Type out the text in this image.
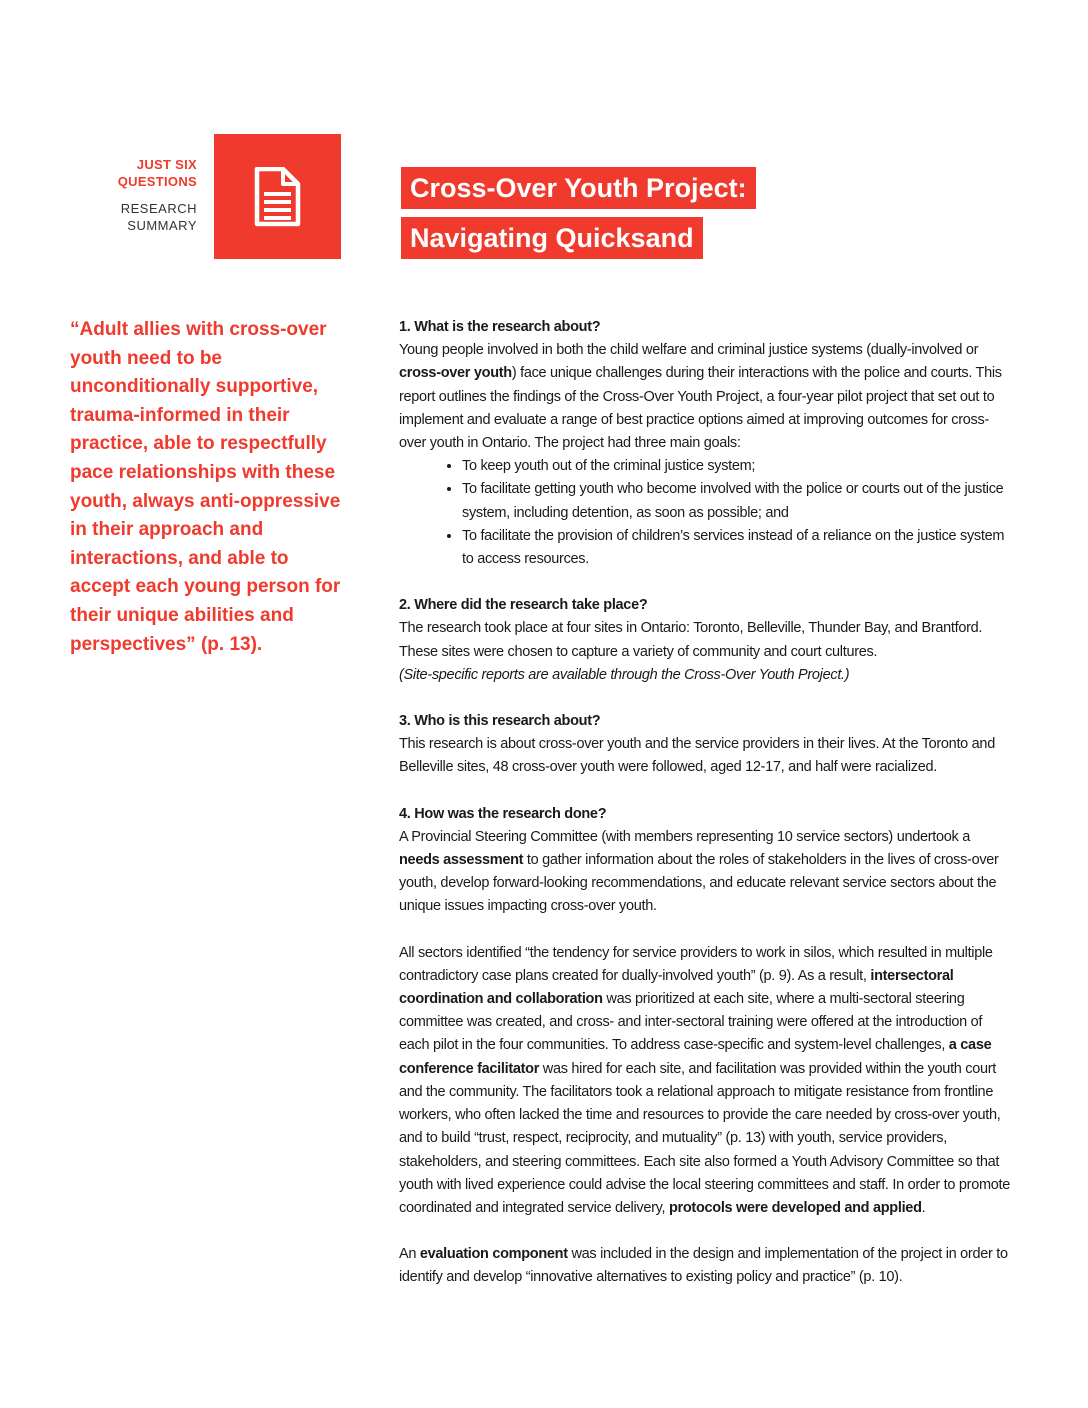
JUST SIX
QUESTIONS
RESEARCH
SUMMARY
Cross-Over Youth Project:
Navigating Quicksand
“Adult allies with cross-over youth need to be unconditionally supportive, trauma-informed in their practice, able to respectfully pace relationships with these youth, always anti-oppressive in their approach and interactions, and able to accept each young person for their unique abilities and perspectives” (p. 13).
1. What is the research about?

Young people involved in both the child welfare and criminal justice systems (dually-involved or cross-over youth) face unique challenges during their interactions with the police and courts. This report outlines the findings of the Cross-Over Youth Project, a four-year pilot project that set out to implement and evaluate a range of best practice options aimed at improving outcomes for cross-over youth in Ontario. The project had three main goals:

• To keep youth out of the criminal justice system;
• To facilitate getting youth who become involved with the police or courts out of the justice system, including detention, as soon as possible; and
• To facilitate the provision of children’s services instead of a reliance on the justice system to access resources.
2. Where did the research take place?

The research took place at four sites in Ontario: Toronto, Belleville, Thunder Bay, and Brantford. These sites were chosen to capture a variety of community and court cultures.

(Site-specific reports are available through the Cross-Over Youth Project.)

3. Who is this research about?

This research is about cross-over youth and the service providers in their lives. At the Toronto and Belleville sites, 48 cross-over youth were followed, aged 12-17, and half were racialized.

4. How was the research done?

A Provincial Steering Committee (with members representing 10 service sectors) undertook a needs assessment to gather information about the roles of stakeholders in the lives of cross-over youth, develop forward-looking recommendations, and educate relevant service sectors about the unique issues impacting cross-over youth.

All sectors identified “the tendency for service providers to work in silos, which resulted in multiple contradictory case plans created for dually-involved youth” (p. 9). As a result, intersectoral coordination and collaboration was prioritized at each site, where a multi-sectoral steering committee was created, and cross- and inter-sectoral training were offered at the introduction of each pilot in the four communities. To address case-specific and system-level challenges, a case conference facilitator was hired for each site, and facilitation was provided within the youth court and the community. The facilitators took a relational approach to mitigate resistance from frontline workers, who often lacked the time and resources to provide the care needed by cross-over youth, and to build “trust, respect, reciprocity, and mutuality” (p. 13) with youth, service providers, stakeholders, and steering committees. Each site also formed a Youth Advisory Committee so that youth with lived experience could advise the local steering committees and staff. In order to promote coordinated and integrated service delivery, protocols were developed and applied.

An evaluation component was included in the design and implementation of the project in order to identify and develop “innovative alternatives to existing policy and practice” (p. 10).
